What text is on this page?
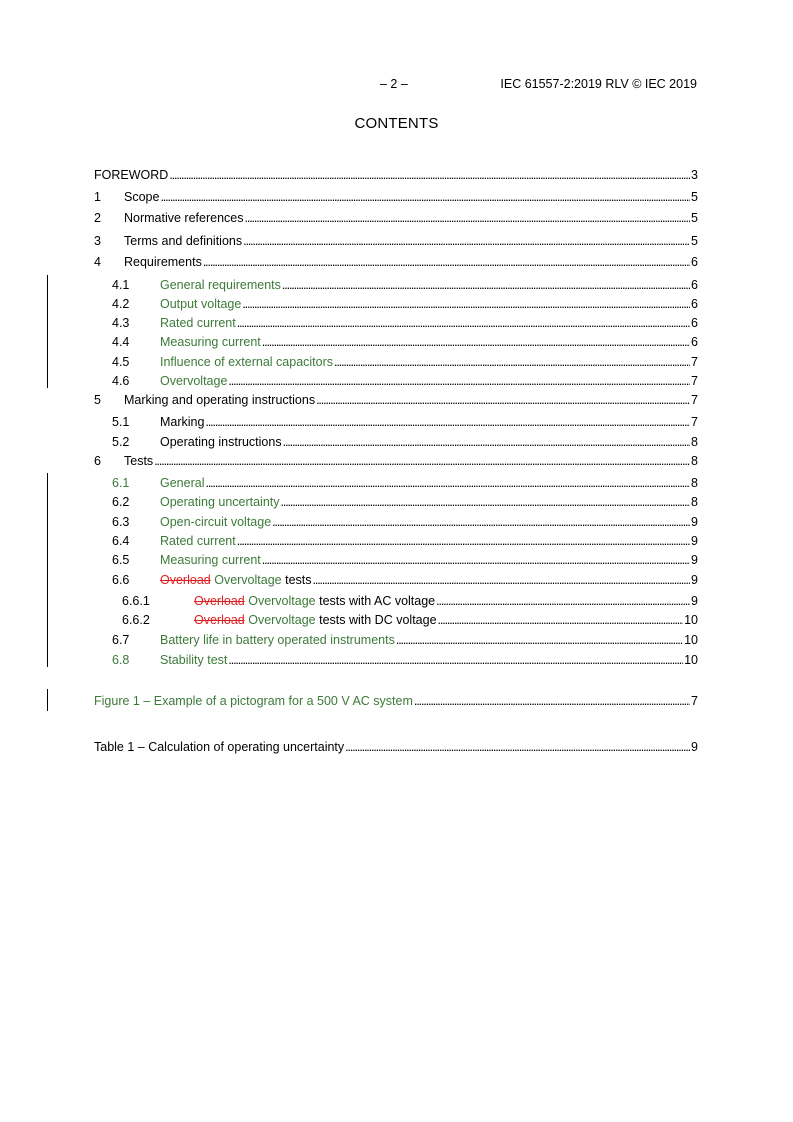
– 2 –	IEC 61557-2:2019 RLV © IEC 2019
CONTENTS
FOREWORD . . .	3
1	Scope . . .	5
2	Normative references . . .	5
3	Terms and definitions . . .	5
4	Requirements . . .	6
4.1	General requirements . . .	6
4.2	Output voltage . . .	6
4.3	Rated current . . .	6
4.4	Measuring current . . .	6
4.5	Influence of external capacitors . . .	7
4.6	Overvoltage . . .	7
5	Marking and operating instructions . . .	7
5.1	Marking . . .	7
5.2	Operating instructions . . .	8
6	Tests . . .	8
6.1	General . . .	8
6.2	Operating uncertainty . . .	8
6.3	Open-circuit voltage . . .	9
6.4	Rated current . . .	9
6.5	Measuring current . . .	9
6.6	Overload Overvoltage tests . . .	9
6.6.1	Overload Overvoltage tests with AC voltage . . .	9
6.6.2	Overload Overvoltage tests with DC voltage . . .	10
6.7	Battery life in battery operated instruments . . .	10
6.8	Stability test . . .	10
Figure 1 – Example of a pictogram for a 500 V AC system . . .	7
Table 1 – Calculation of operating uncertainty . . .	9
